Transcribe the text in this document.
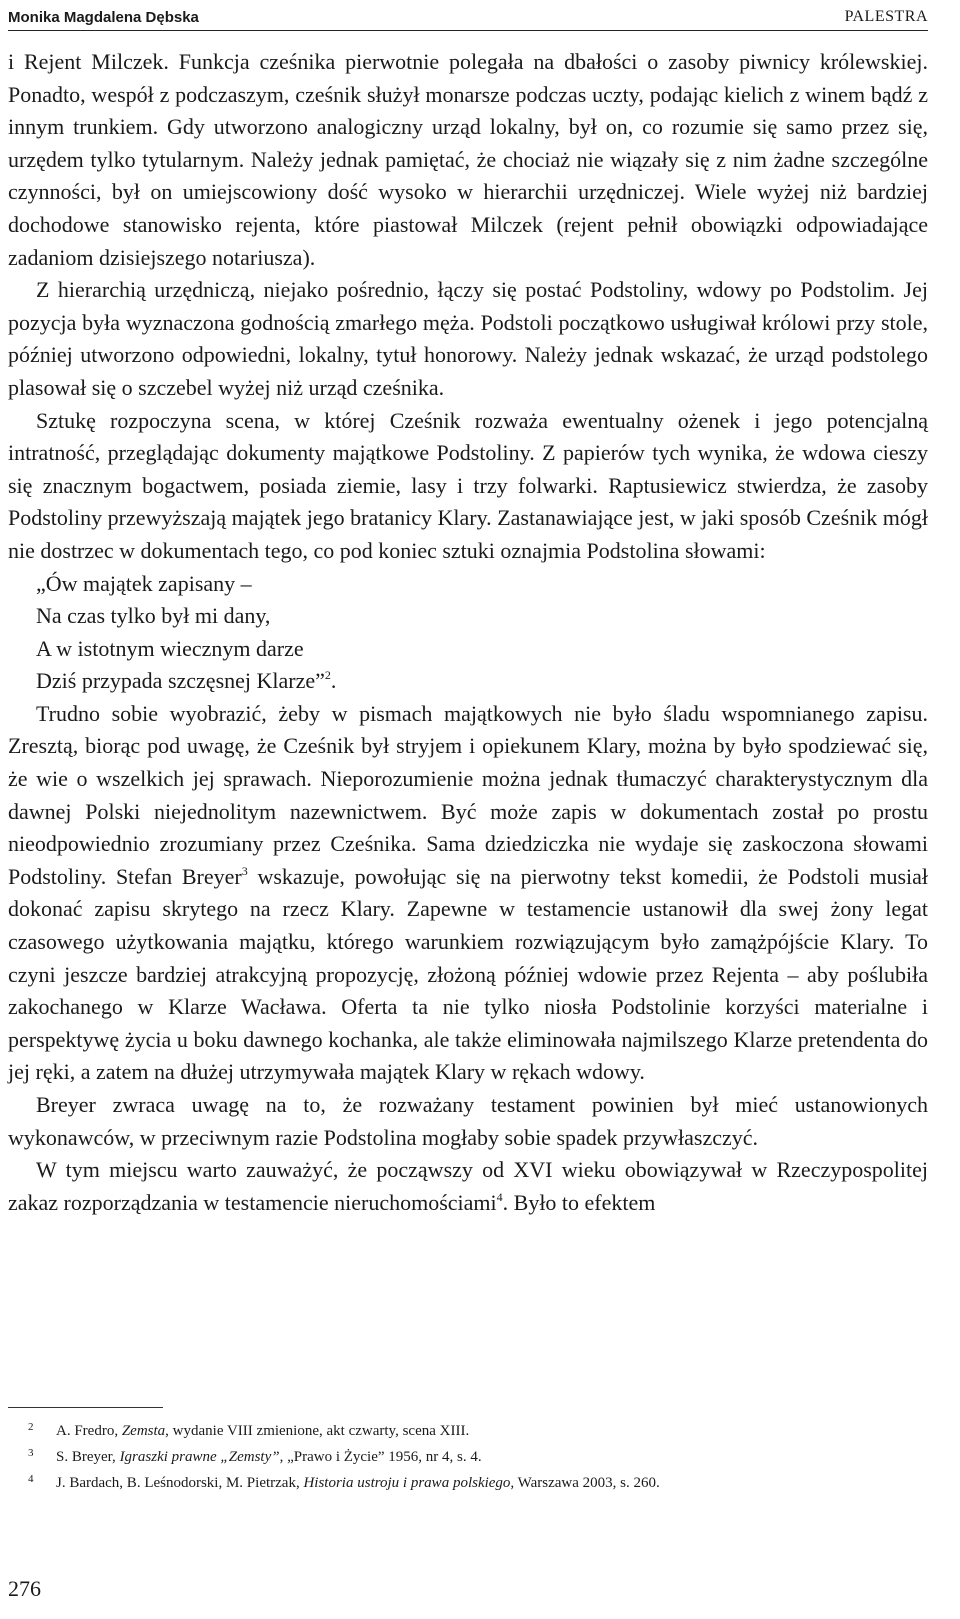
Monika Magdalena Dębska	PALESTRA

i Rejent Milczek. Funkcja cześnika pierwotnie polegała na dbałości o zasoby piwnicy królewskiej. Ponadto, wespół z podczaszym, cześnik służył monarsze podczas uczty, podając kielich z winem bądź z innym trunkiem. Gdy utworzono analogiczny urząd lokalny, był on, co rozumie się samo przez się, urzędem tylko tytularnym. Należy jednak pamiętać, że chociaż nie wiązały się z nim żadne szczególne czynności, był on umiejscowiony dość wysoko w hierarchii urzędniczej. Wiele wyżej niż bardziej dochodowe stanowisko rejenta, które piastował Milczek (rejent pełnił obowiązki odpowiadające zadaniom dzisiejszego notariusza).

Z hierarchią urzędniczą, niejako pośrednio, łączy się postać Podstoliny, wdowy po Podstolim. Jej pozycja była wyznaczona godnością zmarłego męża. Podstoli początkowo usługiwał królowi przy stole, później utworzono odpowiedni, lokalny, tytuł honorowy. Należy jednak wskazać, że urząd podstolego plasował się o szczebel wyżej niż urząd cześnika.

Sztukę rozpoczyna scena, w której Cześnik rozważa ewentualny ożenek i jego potencjalną intratność, przeglądając dokumenty majątkowe Podstoliny. Z papierów tych wynika, że wdowa cieszy się znacznym bogactwem, posiada ziemie, lasy i trzy folwarki. Raptusiewicz stwierdza, że zasoby Podstoliny przewyższają majątek jego bratanicy Klary. Zastanawiające jest, w jaki sposób Cześnik mógł nie dostrzec w dokumentach tego, co pod koniec sztuki oznajmia Podstolina słowami:

„Ów majątek zapisany –
Na czas tylko był mi dany,
A w istotnym wiecznym darze
Dziś przypada szczęsnej Klarze”$^2$.

Trudno sobie wyobrazić, żeby w pismach majątkowych nie było śladu wspomnianego zapisu. Zresztą, biorąc pod uwagę, że Cześnik był stryjem i opiekunem Klary, można by było spodziewać się, że wie o wszelkich jej sprawach. Nieporozumienie można jednak tłumaczyć charakterystycznym dla dawnej Polski niejednolitym nazewnictwem. Być może zapis w dokumentach został po prostu nieodpowiednio zrozumiany przez Cześnika. Sama dziedziczka nie wydaje się zaskoczona słowami Podstoliny. Stefan Breyer$^3$ wskazuje, powołując się na pierwotny tekst komedii, że Podstoli musiał dokonać zapisu skrytego na rzecz Klary. Zapewne w testamencie ustanowił dla swej żony legat czasowego użytkowania majątku, którego warunkiem rozwiązującym było zamążpójście Klary. To czyni jeszcze bardziej atrakcyjną propozycję, złożoną później wdowie przez Rejenta – aby poślubiła zakochanego w Klarze Wacława. Oferta ta nie tylko niosła Podstolinie korzyści materialne i perspektywę życia u boku dawnego kochanka, ale także eliminowała najmilszego Klarze pretendenta do jej ręki, a zatem na dłużej utrzymywała majątek Klary w rękach wdowy.

Breyer zwraca uwagę na to, że rozważany testament powinien był mieć ustanowionych wykonawców, w przeciwnym razie Podstolina mogłaby sobie spadek przywłaszczyć.

W tym miejscu warto zauważyć, że począwszy od XVI wieku obowiązywał w Rzeczypospolitej zakaz rozporządzania w testamencie nieruchomościami$^4$. Było to efektem

2	A. Fredro, Zemsta, wydanie VIII zmienione, akt czwarty, scena XIII.
3	S. Breyer, Igraszki prawne „Zemsty”, „Prawo i Życie” 1956, nr 4, s. 4.
4	J. Bardach, B. Leśnodorski, M. Pietrzak, Historia ustroju i prawa polskiego, Warszawa 2003, s. 260.
276
